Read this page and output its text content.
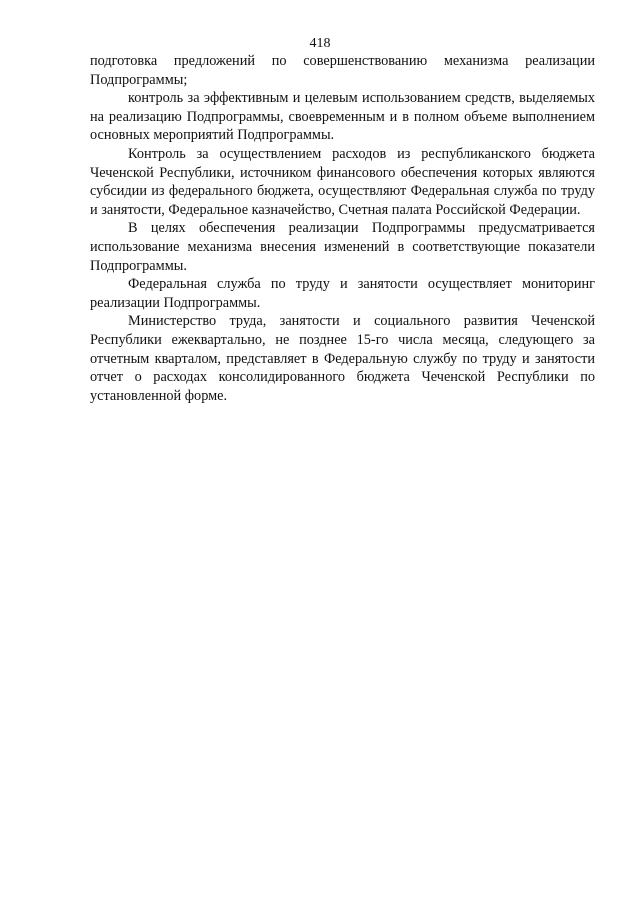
418

подготовка предложений по совершенствованию механизма реализации Подпрограммы;

контроль за эффективным и целевым использованием средств, выделяемых на реализацию Подпрограммы, своевременным и в полном объеме выполнением основных мероприятий Подпрограммы.

Контроль за осуществлением расходов из республиканского бюджета Чеченской Республики, источником финансового обеспечения которых являются субсидии из федерального бюджета, осуществляют Федеральная служба по труду и занятости, Федеральное казначейство, Счетная палата Российской Федерации.

В целях обеспечения реализации Подпрограммы предусматривается использование механизма внесения изменений в соответствующие показатели Подпрограммы.

Федеральная служба по труду и занятости осуществляет мониторинг реализации Подпрограммы.

Министерство труда, занятости и социального развития Чеченской Республики ежеквартально, не позднее 15-го числа месяца, следующего за отчетным кварталом, представляет в Федеральную службу по труду и занятости отчет о расходах консолидированного бюджета Чеченской Республики по установленной форме.
